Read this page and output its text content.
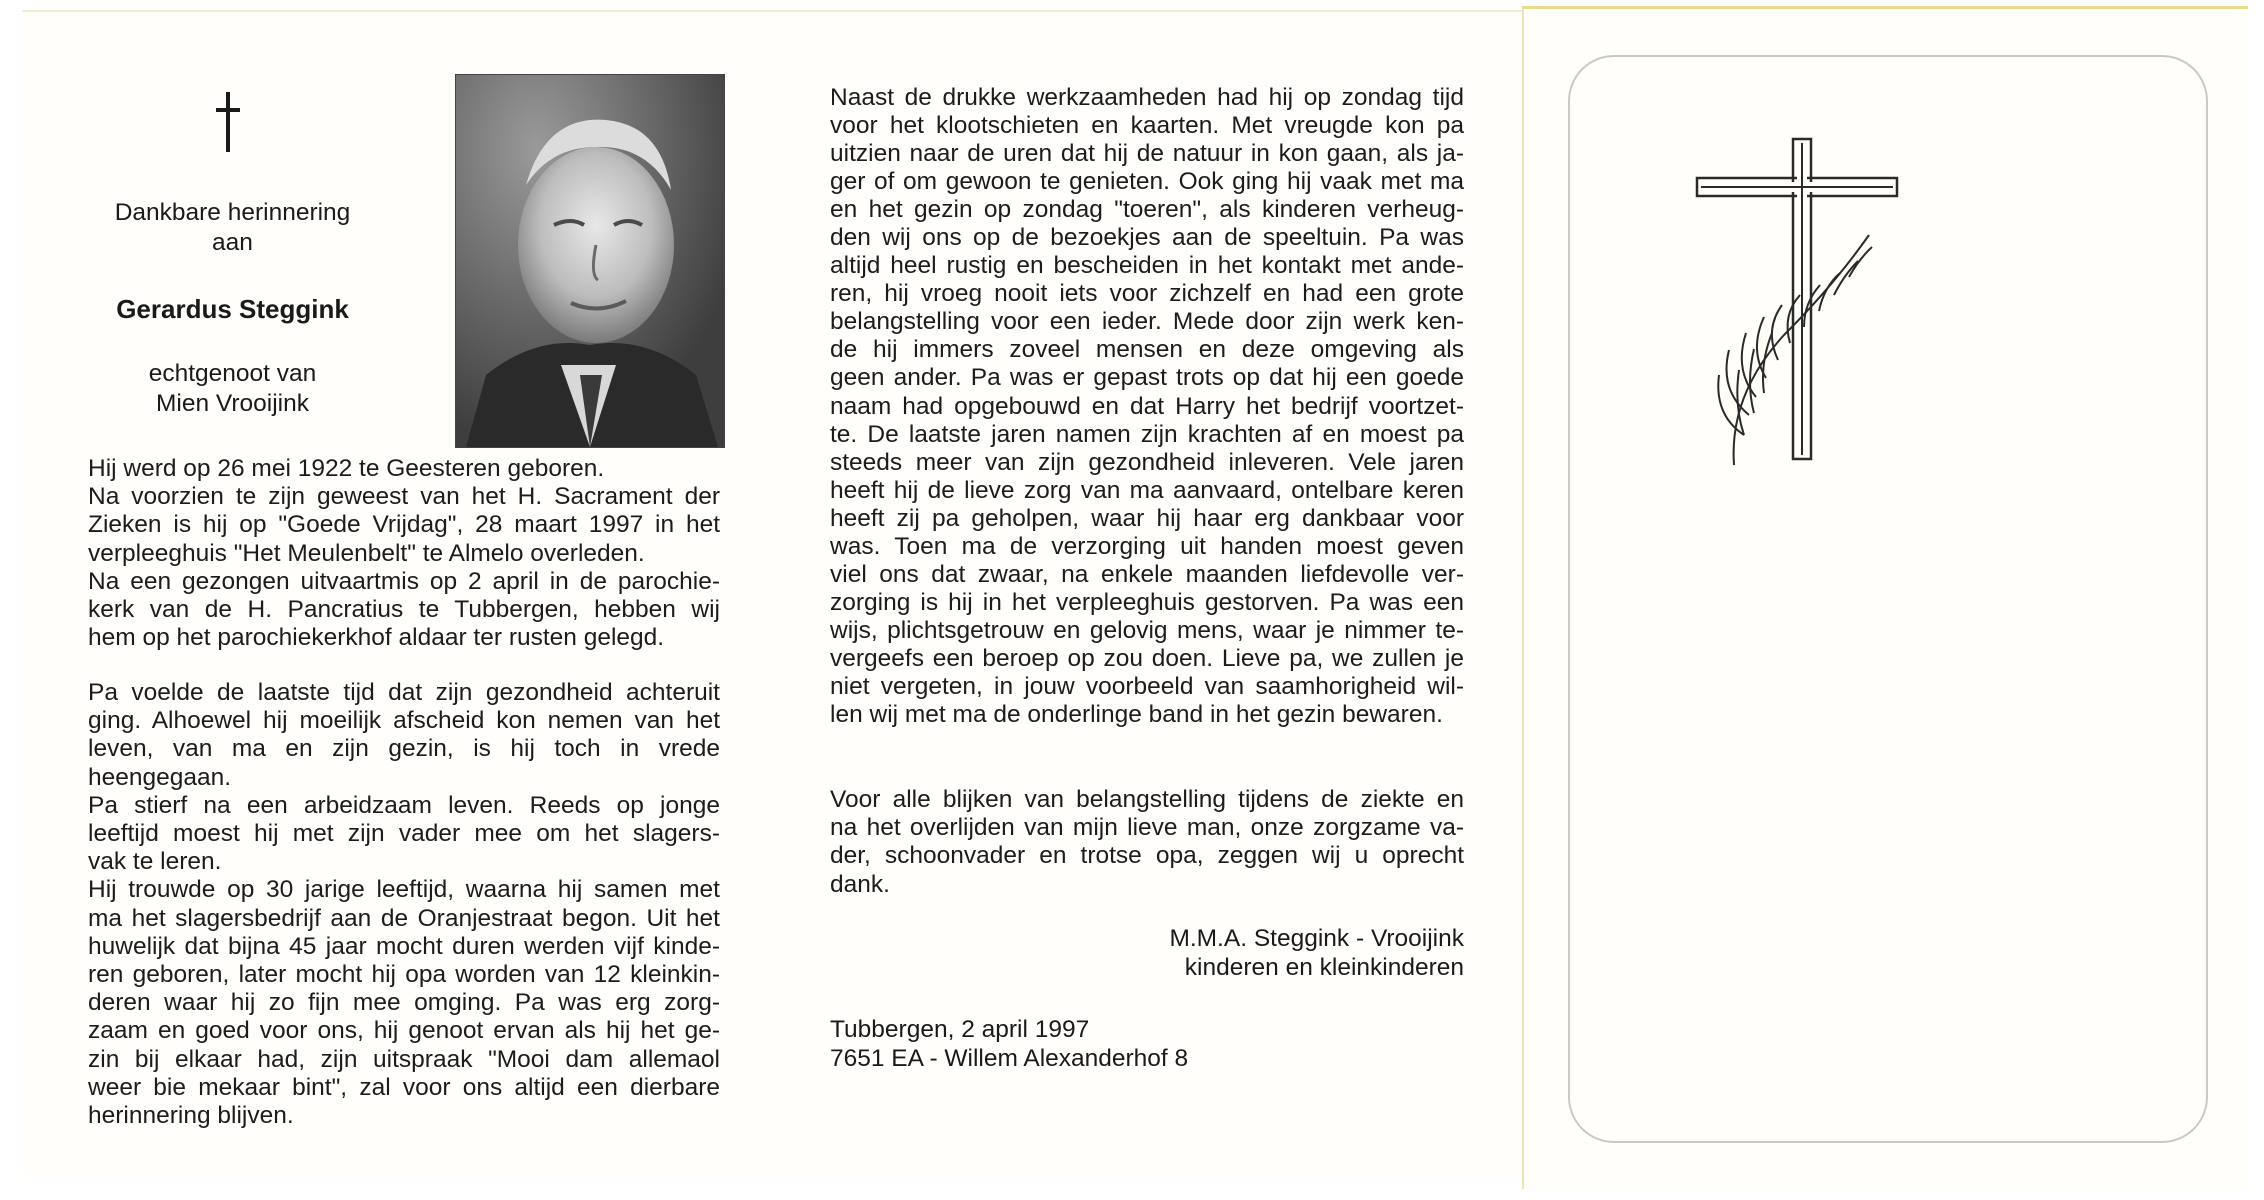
Dankbare herinnering
aan
Gerardus Steggink
echtgenoot van
Mien Vrooijink

Hij werd op 26 mei 1922 te Geesteren geboren.

Na voorzien te zijn geweest van het H. Sacrament der

Zieken is hij op "Goede Vrijdag", 28 maart 1997 in het

verpleeghuis "Het Meulenbelt" te Almelo overleden.

Na een gezongen uitvaartmis op 2 april in de parochie-

kerk van de H. Pancratius te Tubbergen, hebben wij

hem op het parochiekerkhof aldaar ter rusten gelegd.

Pa voelde de laatste tijd dat zijn gezondheid achteruit

ging. Alhoewel hij moeilijk afscheid kon nemen van het

leven, van ma en zijn gezin, is hij toch in vrede heengegaan.

Pa stierf na een arbeidzaam leven. Reeds op jonge

leeftijd moest hij met zijn vader mee om het slagers-

vak te leren.

Hij trouwde op 30 jarige leeftijd, waarna hij samen met

ma het slagersbedrijf aan de Oranjestraat begon. Uit het

huwelijk dat bijna 45 jaar mocht duren werden vijf kinde-

ren geboren, later mocht hij opa worden van 12 kleinkin-

deren waar hij zo fijn mee omging. Pa was erg zorg-

zaam en goed voor ons, hij genoot ervan als hij het ge-

zin bij elkaar had, zijn uitspraak "Mooi dam allemaol

weer bie mekaar bint", zal voor ons altijd een dierbare

herinnering blijven.

Naast de drukke werkzaamheden had hij op zondag tijd

voor het klootschieten en kaarten. Met vreugde kon pa

uitzien naar de uren dat hij de natuur in kon gaan, als ja-

ger of om gewoon te genieten. Ook ging hij vaak met ma

en het gezin op zondag "toeren", als kinderen verheug-

den wij ons op de bezoekjes aan de speeltuin. Pa was

altijd heel rustig en bescheiden in het kontakt met ande-

ren, hij vroeg nooit iets voor zichzelf en had een grote

belangstelling voor een ieder. Mede door zijn werk ken-

de hij immers zoveel mensen en deze omgeving als

geen ander. Pa was er gepast trots op dat hij een goede

naam had opgebouwd en dat Harry het bedrijf voortzet-

te. De laatste jaren namen zijn krachten af en moest pa

steeds meer van zijn gezondheid inleveren. Vele jaren

heeft hij de lieve zorg van ma aanvaard, ontelbare keren

heeft zij pa geholpen, waar hij haar erg dankbaar voor

was. Toen ma de verzorging uit handen moest geven

viel ons dat zwaar, na enkele maanden liefdevolle ver-

zorging is hij in het verpleeghuis gestorven. Pa was een

wijs, plichtsgetrouw en gelovig mens, waar je nimmer te-

vergeefs een beroep op zou doen. Lieve pa, we zullen je

niet vergeten, in jouw voorbeeld van saamhorigheid wil-

len wij met ma de onderlinge band in het gezin bewaren.

Voor alle blijken van belangstelling tijdens de ziekte en

na het overlijden van mijn lieve man, onze zorgzame va-

der, schoonvader en trotse opa, zeggen wij u oprecht

dank.

M.M.A. Steggink - Vrooijink
kinderen en kleinkinderen
Tubbergen, 2 april 1997
7651 EA - Willem Alexanderhof 8
